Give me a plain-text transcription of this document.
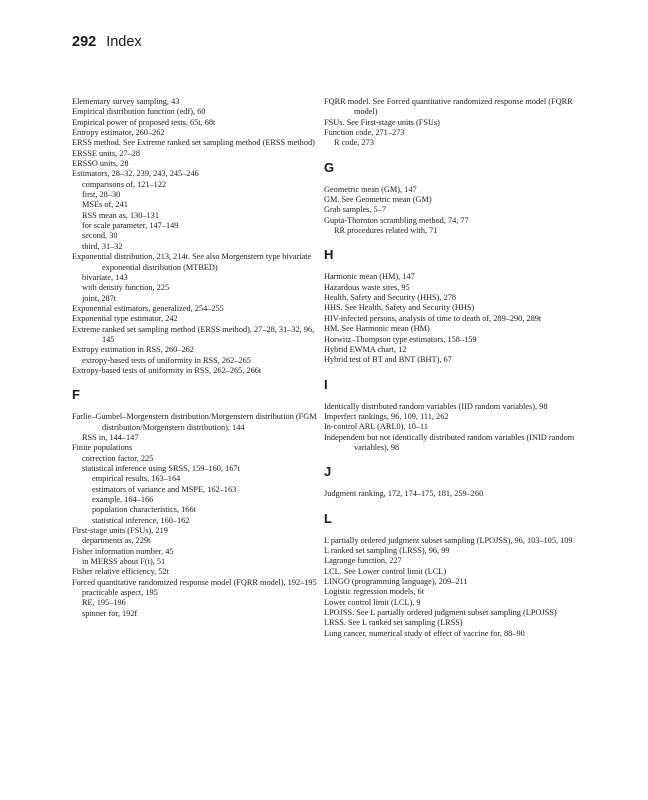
292 Index
Elementary survey sampling, 43
Empirical distribution function (edf), 60
Empirical power of proposed tests, 65t, 68t
Entropy estimator, 260–262
ERSS method. See Extreme ranked set sampling method (ERSS method)
ERSSE units, 27–28
ERSSO units, 28
Estimators, 28–32, 239, 243, 245–246
comparisons of, 121–122
first, 28–30
MSEs of, 241
RSS mean as, 130–131
for scale parameter, 147–149
second, 30
third, 31–32
Exponential distribution, 213, 214t. See also Morgenstern type bivariate exponential distribution (MTBED)
bivariate, 143
with density function, 225
joint, 287t
Exponential estimators, generalized, 254–255
Exponential type estimator, 242
Extreme ranked set sampling method (ERSS method), 27–28, 31–32, 96, 145
Extropy estimation in RSS, 260–262
extropy-based tests of uniformity in RSS, 262–265
Extropy-based tests of uniformity in RSS, 262–265, 266t
F
Farlie–Gumbel–Morgenstern distribution/Morgenstern distribution (FGM distribution/Morgenstern distribution), 144
RSS in, 144–147
Finite populations
correction factor, 225
statistical inference using SRSS, 159–160, 167t
empirical results, 163–164
estimators of variance and MSPE, 162–163
example, 164–166
population characteristics, 166t
statistical inference, 160–162
First-stage units (FSUs), 219
departments as, 229t
Fisher information number, 45
in MERSS about F(t), 51
Fisher relative efficiency, 52t
Forced quantitative randomized response model (FQRR model), 192–195
practicable aspect, 195
RE, 195–196
spinner for, 192f
FQRR model. See Forced quantitative randomized response model (FQRR model)
FSUs. See First-stage units (FSUs)
Function code, 271–273
R code, 273
G
Geometric mean (GM), 147
GM. See Geometric mean (GM)
Grab samples, 5–7
Gupta-Thornton scrambling method, 74, 77
RR procedures related with, 71
H
Harmonic mean (HM), 147
Hazardous waste sites, 95
Health, Safety and Security (HHS), 278
HHS. See Health, Safety and Security (HHS)
HIV-infected persons, analysis of time to death of, 289–290, 289t
HM. See Harmonic mean (HM)
Horwitz–Thompson type estimators, 158–159
Hybrid EWMA chart, 12
Hybrid test of BT and BNT (BHT), 67
I
Identically distributed random variables (IID random variables), 98
Imperfect rankings, 96, 109, 111, 262
In-control ARL (ARL0), 10–11
Independent but not identically distributed random variables (INID random variables), 98
J
Judgment ranking, 172, 174–175, 181, 259–260
L
L partially ordered judgment subset sampling (LPOJSS), 96, 103–105, 109
L ranked set sampling (LRSS), 96, 99
Lagrange function, 227
LCL. See Lower control limit (LCL)
LINGO (programming language), 209–211
Logistic regression models, 6t
Lower control limit (LCL), 9
LPOJSS. See L partially ordered judgment subset sampling (LPOJSS)
LRSS. See L ranked set sampling (LRSS)
Lung cancer, numerical study of effect of vaccine for, 88–90
